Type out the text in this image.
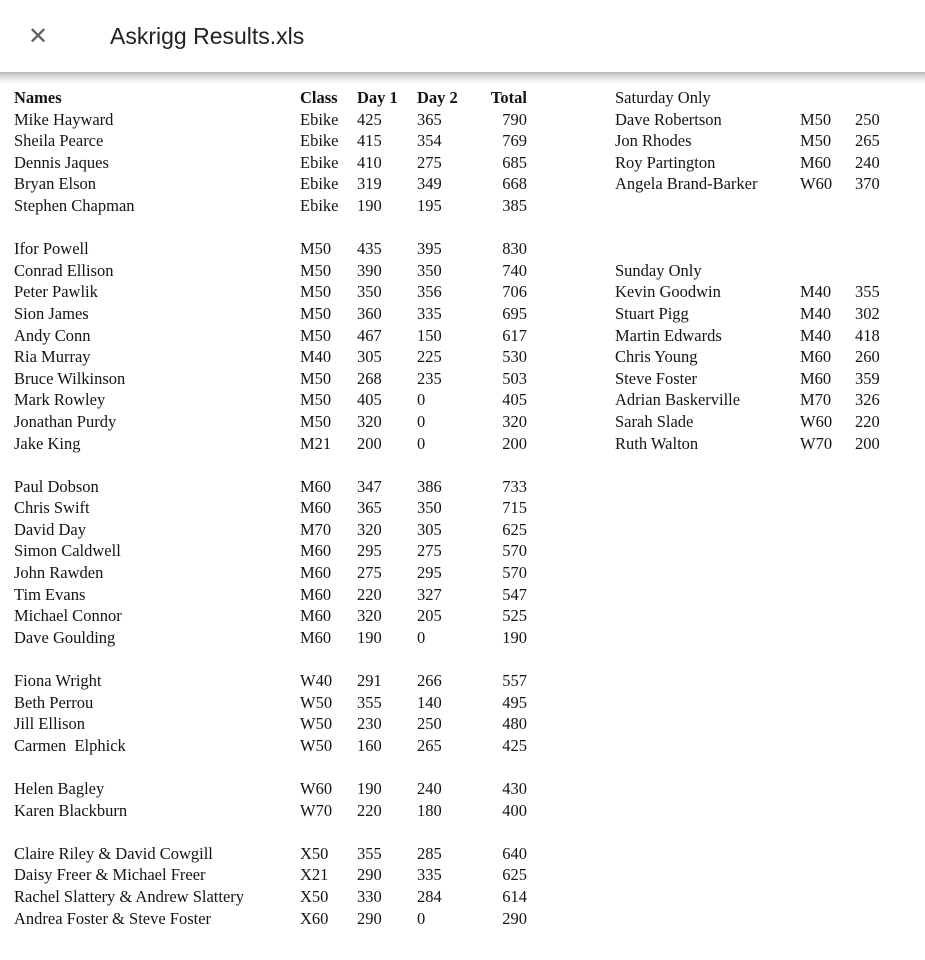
✕	Askrigg Results.xls
Names	Class	Day 1	Day 2	Total
Mike Hayward	Ebike	425	365	790
Sheila Pearce	Ebike	415	354	769
Dennis Jaques	Ebike	410	275	685
Bryan Elson	Ebike	319	349	668
Stephen Chapman	Ebike	190	195	385
Ifor Powell	M50	435	395	830
Conrad Ellison	M50	390	350	740
Peter Pawlik	M50	350	356	706
Sion James	M50	360	335	695
Andy Conn	M50	467	150	617
Ria Murray	M40	305	225	530
Bruce Wilkinson	M50	268	235	503
Mark Rowley	M50	405	0	405
Jonathan Purdy	M50	320	0	320
Jake King	M21	200	0	200
Paul Dobson	M60	347	386	733
Chris Swift	M60	365	350	715
David Day	M70	320	305	625
Simon Caldwell	M60	295	275	570
John Rawden	M60	275	295	570
Tim Evans	M60	220	327	547
Michael Connor	M60	320	205	525
Dave Goulding	M60	190	0	190
Fiona Wright	W40	291	266	557
Beth Perrou	W50	355	140	495
Jill Ellison	W50	230	250	480
Carmen  Elphick	W50	160	265	425
Helen Bagley	W60	190	240	430
Karen Blackburn	W70	220	180	400
Claire Riley & David Cowgill	X50	355	285	640
Daisy Freer & Michael Freer	X21	290	335	625
Rachel Slattery & Andrew Slattery	X50	330	284	614
Andrea Foster & Steve Foster	X60	290	0	290
Saturday Only
Dave Robertson	M50	250
Jon Rhodes	M50	265
Roy Partington	M60	240
Angela Brand-Barker	W60	370
Sunday Only
Kevin Goodwin	M40	355
Stuart Pigg	M40	302
Martin Edwards	M40	418
Chris Young	M60	260
Steve Foster	M60	359
Adrian Baskerville	M70	326
Sarah Slade	W60	220
Ruth Walton	W70	200
